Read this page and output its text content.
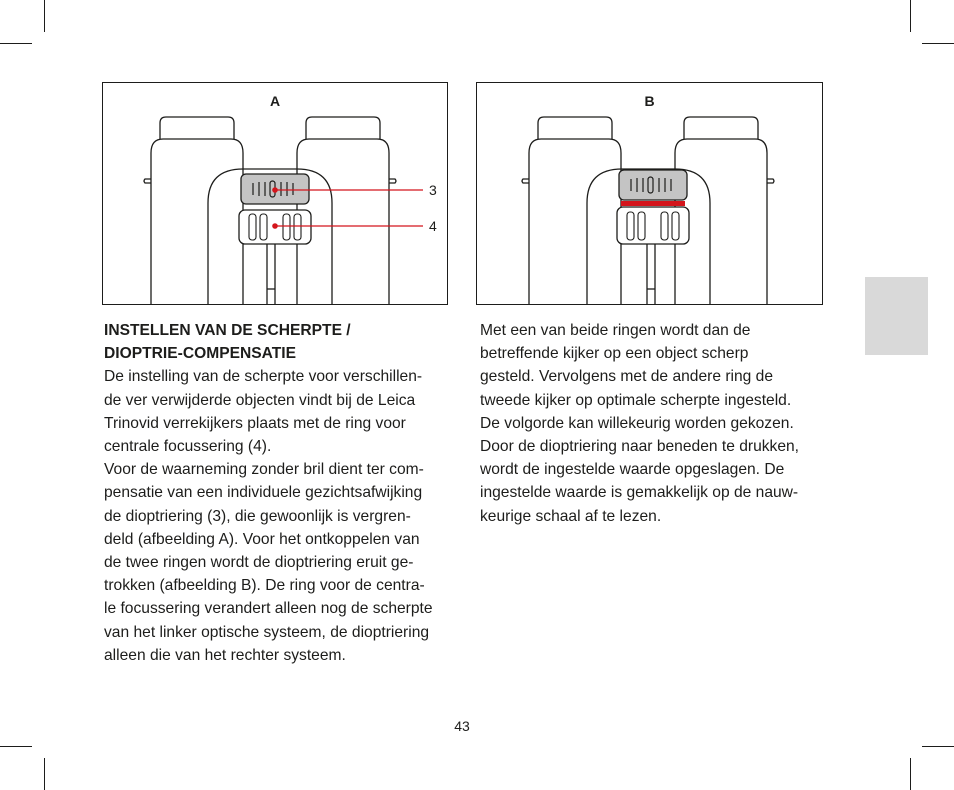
A
3
4
B

INSTELLEN VAN DE SCHERPTE /

DIOPTRIE-COMPENSATIE

De instelling van de scherpte voor verschillen-

de ver verwijderde objecten vindt bij de Leica

Trinovid verrekijkers plaats met de ring voor

centrale focussering (4).

Voor de waarneming zonder bril dient ter com-

pensatie van een individuele gezichtsafwijking

de dioptriering (3), die gewoonlijk is vergren-

deld (afbeelding A). Voor het ontkoppelen van

de twee ringen wordt de dioptriering eruit ge-

trokken (afbeelding B). De ring voor de centra-

le focussering verandert alleen nog de scherpte

van het linker optische systeem, de dioptriering

alleen die van het rechter systeem.

Met een van beide ringen wordt dan de

betreffende kijker op een object scherp

gesteld. Vervolgens met de andere ring de

tweede kijker op optimale scherpte ingesteld.

De volgorde kan willekeurig worden gekozen.

Door de dioptriering naar beneden te drukken,

wordt de ingestelde waarde opgeslagen. De

ingestelde waarde is gemakkelijk op de nauw-

keurige schaal af te lezen.

43
